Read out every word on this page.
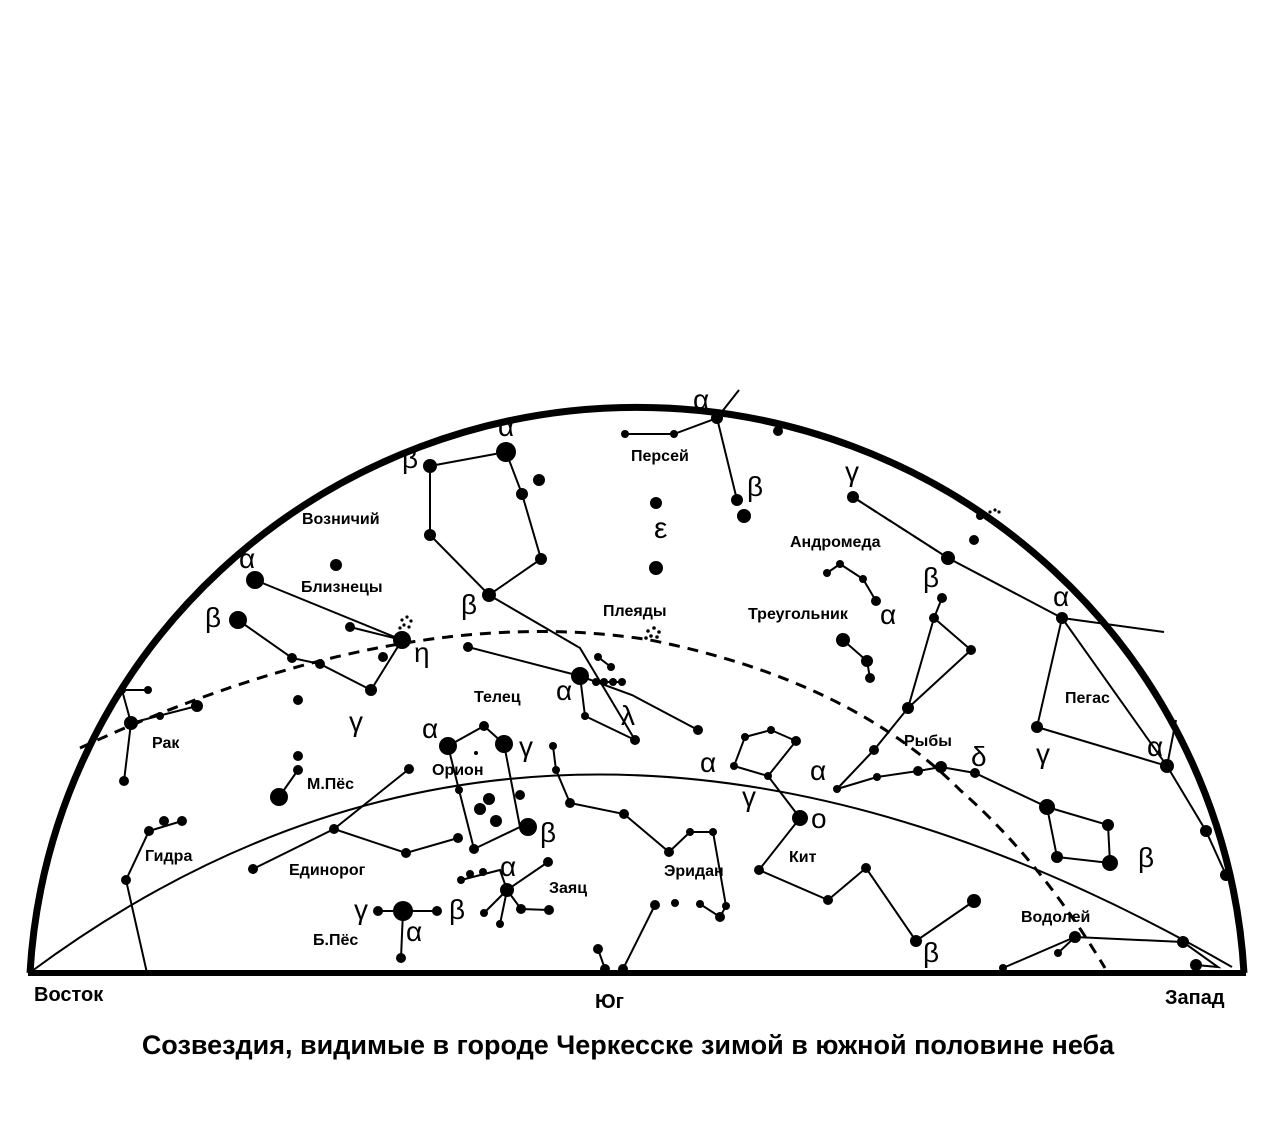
Возничий
Близнецы
Персей
Андромеда
Треугольник
Плеяды
Телец
Орион
Рак
М.Пёс
Гидра
Единорог
Заяц
Б.Пёс
Эридан
Кит
Рыбы
Пегас
Водолей
α
β
β
α
β
ε
α
β
η
γ
γ
β
α
α
λ
α
γ
β
α
β
γ
α
α
γ
o
α
α
γ	α
δ
β
β
Восток	Юг	Запад
Созвездия, видимые в городе Черкесске зимой в южной половине неба
